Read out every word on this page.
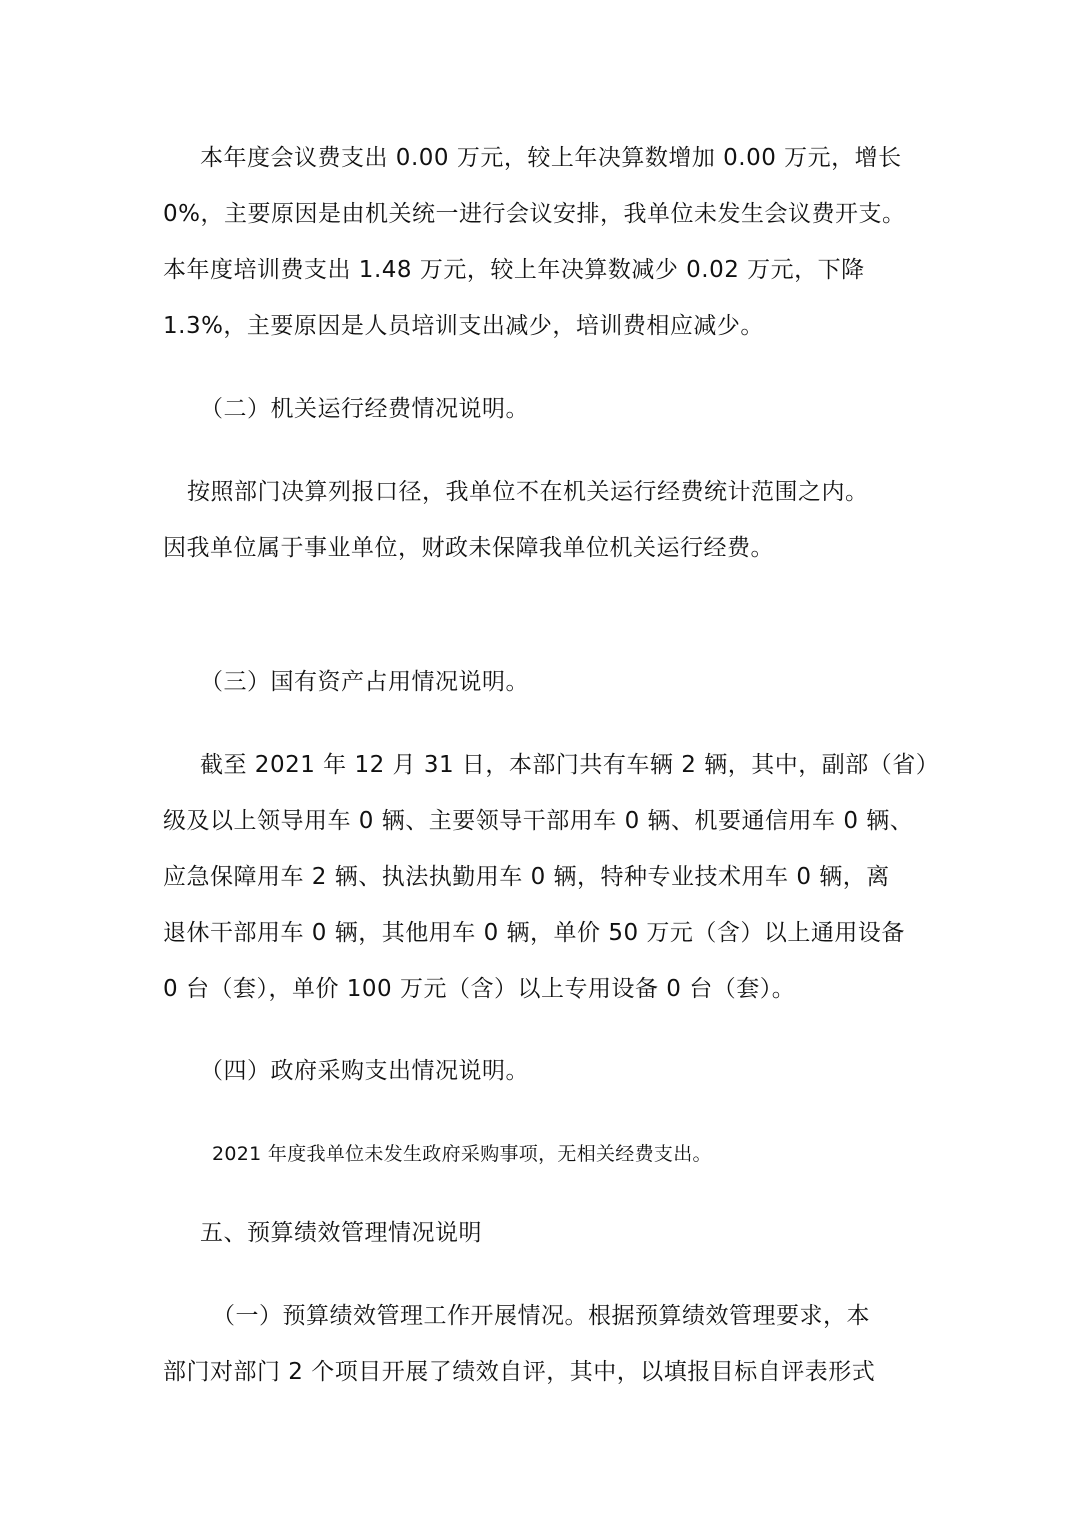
本年度会议费支出 0.00 万元，较上年决算数增加 0.00 万元，增长
0%，主要原因是由机关统一进行会议安排，我单位未发生会议费开支。
本年度培训费支出 1.48 万元，较上年决算数减少 0.02 万元，下降
1.3%，主要原因是人员培训支出减少，培训费相应减少。
（二）机关运行经费情况说明。
按照部门决算列报口径，我单位不在机关运行经费统计范围之内。
因我单位属于事业单位，财政未保障我单位机关运行经费。
（三）国有资产占用情况说明。
截至 2021 年 12 月 31 日，本部门共有车辆 2 辆，其中，副部（省）
级及以上领导用车 0 辆、主要领导干部用车 0 辆、机要通信用车 0 辆、
应急保障用车 2 辆、执法执勤用车 0 辆，特种专业技术用车 0 辆，离
退休干部用车 0 辆，其他用车 0 辆，单价 50 万元（含）以上通用设备
0 台（套），单价 100 万元（含）以上专用设备 0 台（套）。
（四）政府采购支出情况说明。
2021 年度我单位未发生政府采购事项，无相关经费支出。
五、预算绩效管理情况说明
（一）预算绩效管理工作开展情况。根据预算绩效管理要求，本
部门对部门 2 个项目开展了绩效自评，其中，以填报目标自评表形式
